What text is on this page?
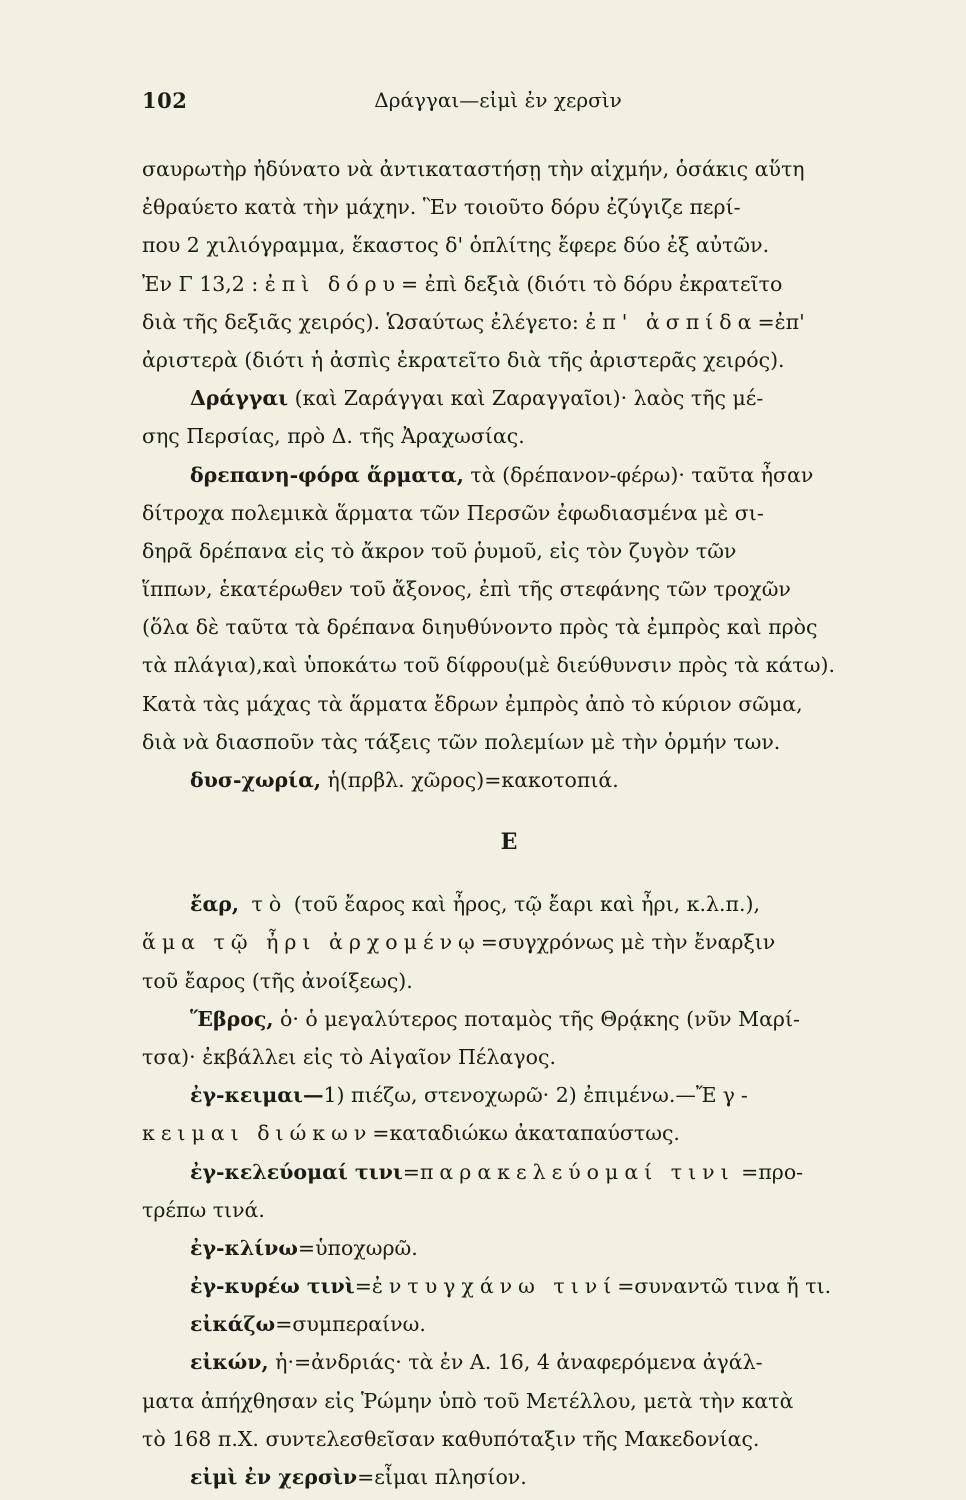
102	Δράγγαι—εἰμὶ ἐν χερσὶν
σαυρωτὴρ ἠδύνατο νὰ ἀντικαταστήσῃ τὴν αἰχμήν, ὁσάκις αὕτη
ἐθραύετο κατὰ τὴν μάχην. Ἓν τοιοῦτο δόρυ ἐζύγιζε περί-
που 2 χιλιόγραμμα, ἕκαστος δ' ὁπλίτης ἔφερε δύο ἐξ αὐτῶν.
Ἐν Γ 13,2 : ἐπὶ δόρυ= ἐπὶ δεξιὰ (διότι τὸ δόρυ ἐκρατεῖτο
διὰ τῆς δεξιᾶς χειρός). Ὡσαύτως ἐλέγετο: ἐπ' ἀσπίδα=ἐπ'
ἀριστερὰ (διότι ἡ ἀσπὶς ἐκρατεῖτο διὰ τῆς ἀριστερᾶς χειρός).
Δράγγαι (καὶ Ζαράγγαι καὶ Ζαραγγαῖοι)· λαὸς τῆς μέ-
σης Περσίας, πρὸ Δ. τῆς Ἀραχωσίας.
δρεπανη-φόρα ἅρματα, τὰ (δρέπανον-φέρω)· ταῦτα ἦσαν
δίτροχα πολεμικὰ ἅρματα τῶν Περσῶν ἐφωδιασμένα μὲ σι-
δηρᾶ δρέπανα εἰς τὸ ἄκρον τοῦ ῥυμοῦ, εἰς τὸν ζυγὸν τῶν
ἵππων, ἑκατέρωθεν τοῦ ἄξονος, ἐπὶ τῆς στεφάνης τῶν τροχῶν
(ὅλα δὲ ταῦτα τὰ δρέπανα διηυθύνοντο πρὸς τὰ ἐμπρὸς καὶ πρὸς
τὰ πλάγια),καὶ ὑποκάτω τοῦ δίφρου(μὲ διεύθυνσιν πρὸς τὰ κάτω).
Κατὰ τὰς μάχας τὰ ἅρματα ἔδρων ἐμπρὸς ἀπὸ τὸ κύριον σῶμα,
διὰ νὰ διασποῦν τὰς τάξεις τῶν πολεμίων μὲ τὴν ὁρμήν των.
δυσ-χωρία, ἡ(πρβλ. χῶρος)=κακοτοπιά.
Ε
ἔαρ, τὸ (τοῦ ἔαρος καὶ ἦρος, τῷ ἔαρι καὶ ἦρι, κ.λ.π.),
ἅμα τῷ ἦρι ἀρχομένῳ=συγχρόνως μὲ τὴν ἔναρξιν
τοῦ ἔαρος (τῆς ἀνοίξεως).
Ἕβρος, ὁ· ὁ μεγαλύτερος ποταμὸς τῆς Θρᾴκης (νῦν Μαρί-
τσα)· ἐκβάλλει εἰς τὸ Αἰγαῖον Πέλαγος.
ἐγ-κειμαι—1) πιέζω, στενοχωρῶ· 2) ἐπιμένω.—Ἔγ-
κειμαι διώκων=καταδιώκω ἀκαταπαύστως.
ἐγ-κελεύομαί τινι=παρακελεύομαί τινι =προ-
τρέπω τινά.
ἐγ-κλίνω=ὑποχωρῶ.
ἐγ-κυρέω τινὶ=ἐντυγχάνω τινί=συναντῶ τινα ἤ τι.
εἰκάζω=συμπεραίνω.
εἰκών, ἡ·=ἀνδριάς· τὰ ἐν Α. 16, 4 ἀναφερόμενα ἀγάλ-
ματα ἀπήχθησαν εἰς Ῥώμην ὑπὸ τοῦ Μετέλλου, μετὰ τὴν κατὰ
τὸ 168 π.Χ. συντελεσθεῖσαν καθυπόταξιν τῆς Μακεδονίας.
εἰμὶ ἐν χερσὶν=εἶμαι πλησίον.
